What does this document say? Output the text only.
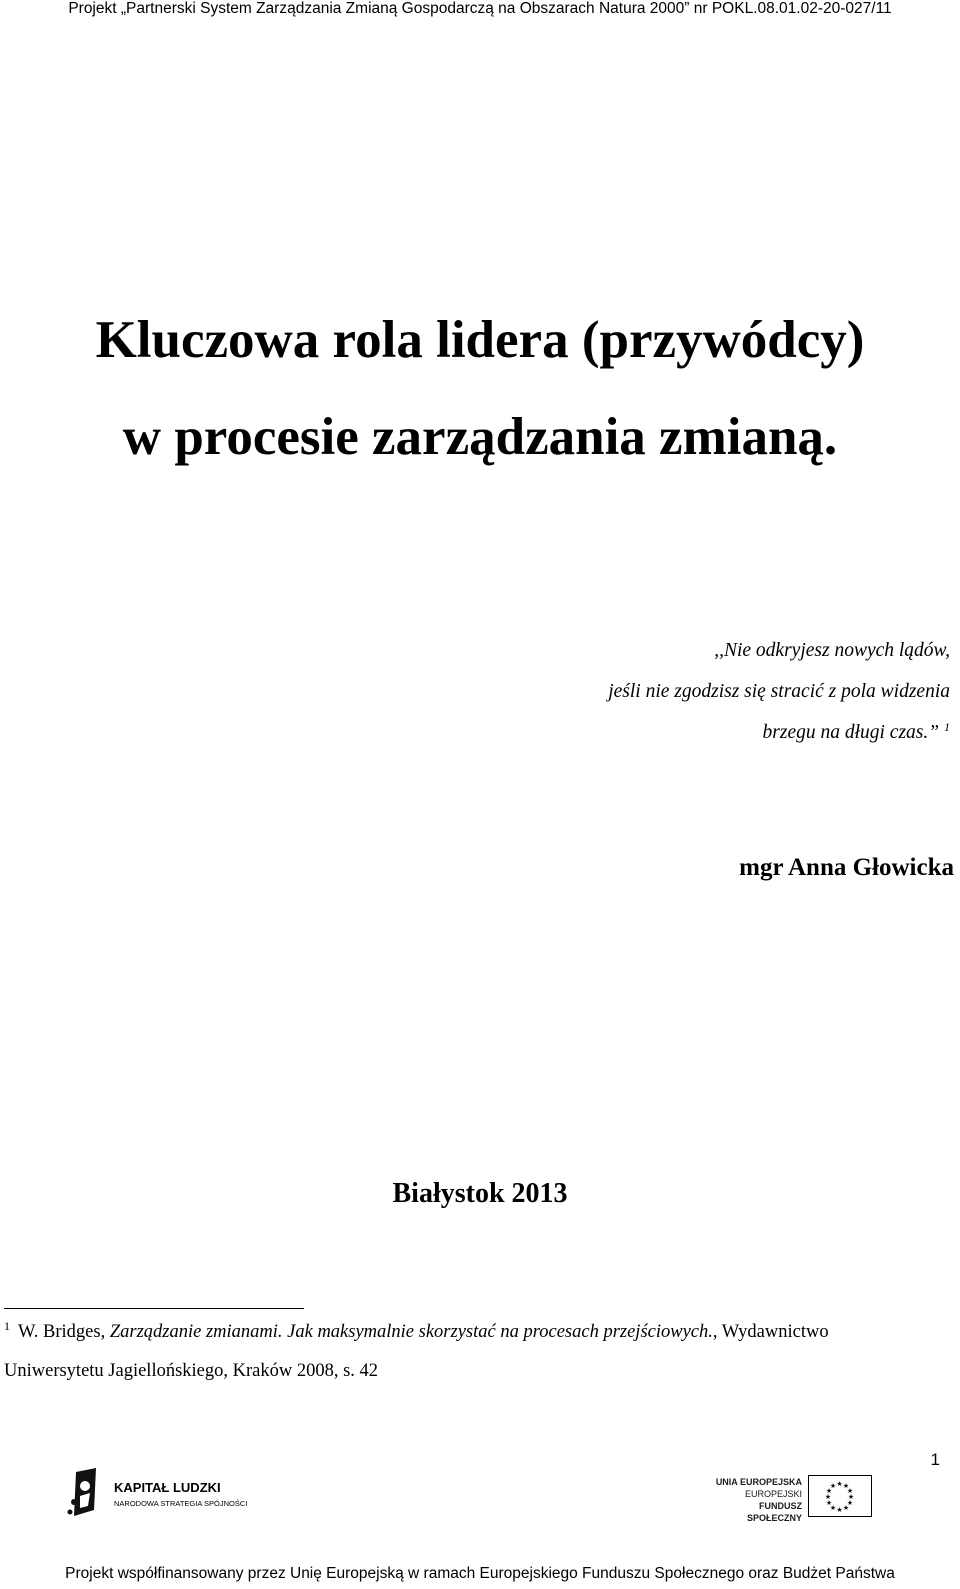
Projekt „Partnerski System Zarządzania Zmianą Gospodarczą na Obszarach Natura 2000” nr POKL.08.01.02-20-027/11
Kluczowa rola lidera (przywódcy)
w procesie zarządzania zmianą.
,,Nie odkryjesz nowych lądów,
jeśli nie zgodzisz się stracić z pola widzenia
brzegu na długi czas.” $^1$
mgr Anna Głowicka
Białystok 2013
$^1$ W. Bridges, Zarządzanie zmianami. Jak maksymalnie skorzystać na procesach przejściowych., Wydawnictwo
Uniwersytetu Jagiellońskiego, Kraków 2008, s. 42
1
KAPITAŁ LUDZKI
NARODOWA STRATEGIA SPÓJNOŚCI
UNIA EUROPEJSKA
EUROPEJSKI
FUNDUSZ SPOŁECZNY
★ ★
★
★
★
★
★
★
★
★
★
★
Projekt współfinansowany przez Unię Europejską w ramach Europejskiego Funduszu Społecznego oraz Budżet Państwa
